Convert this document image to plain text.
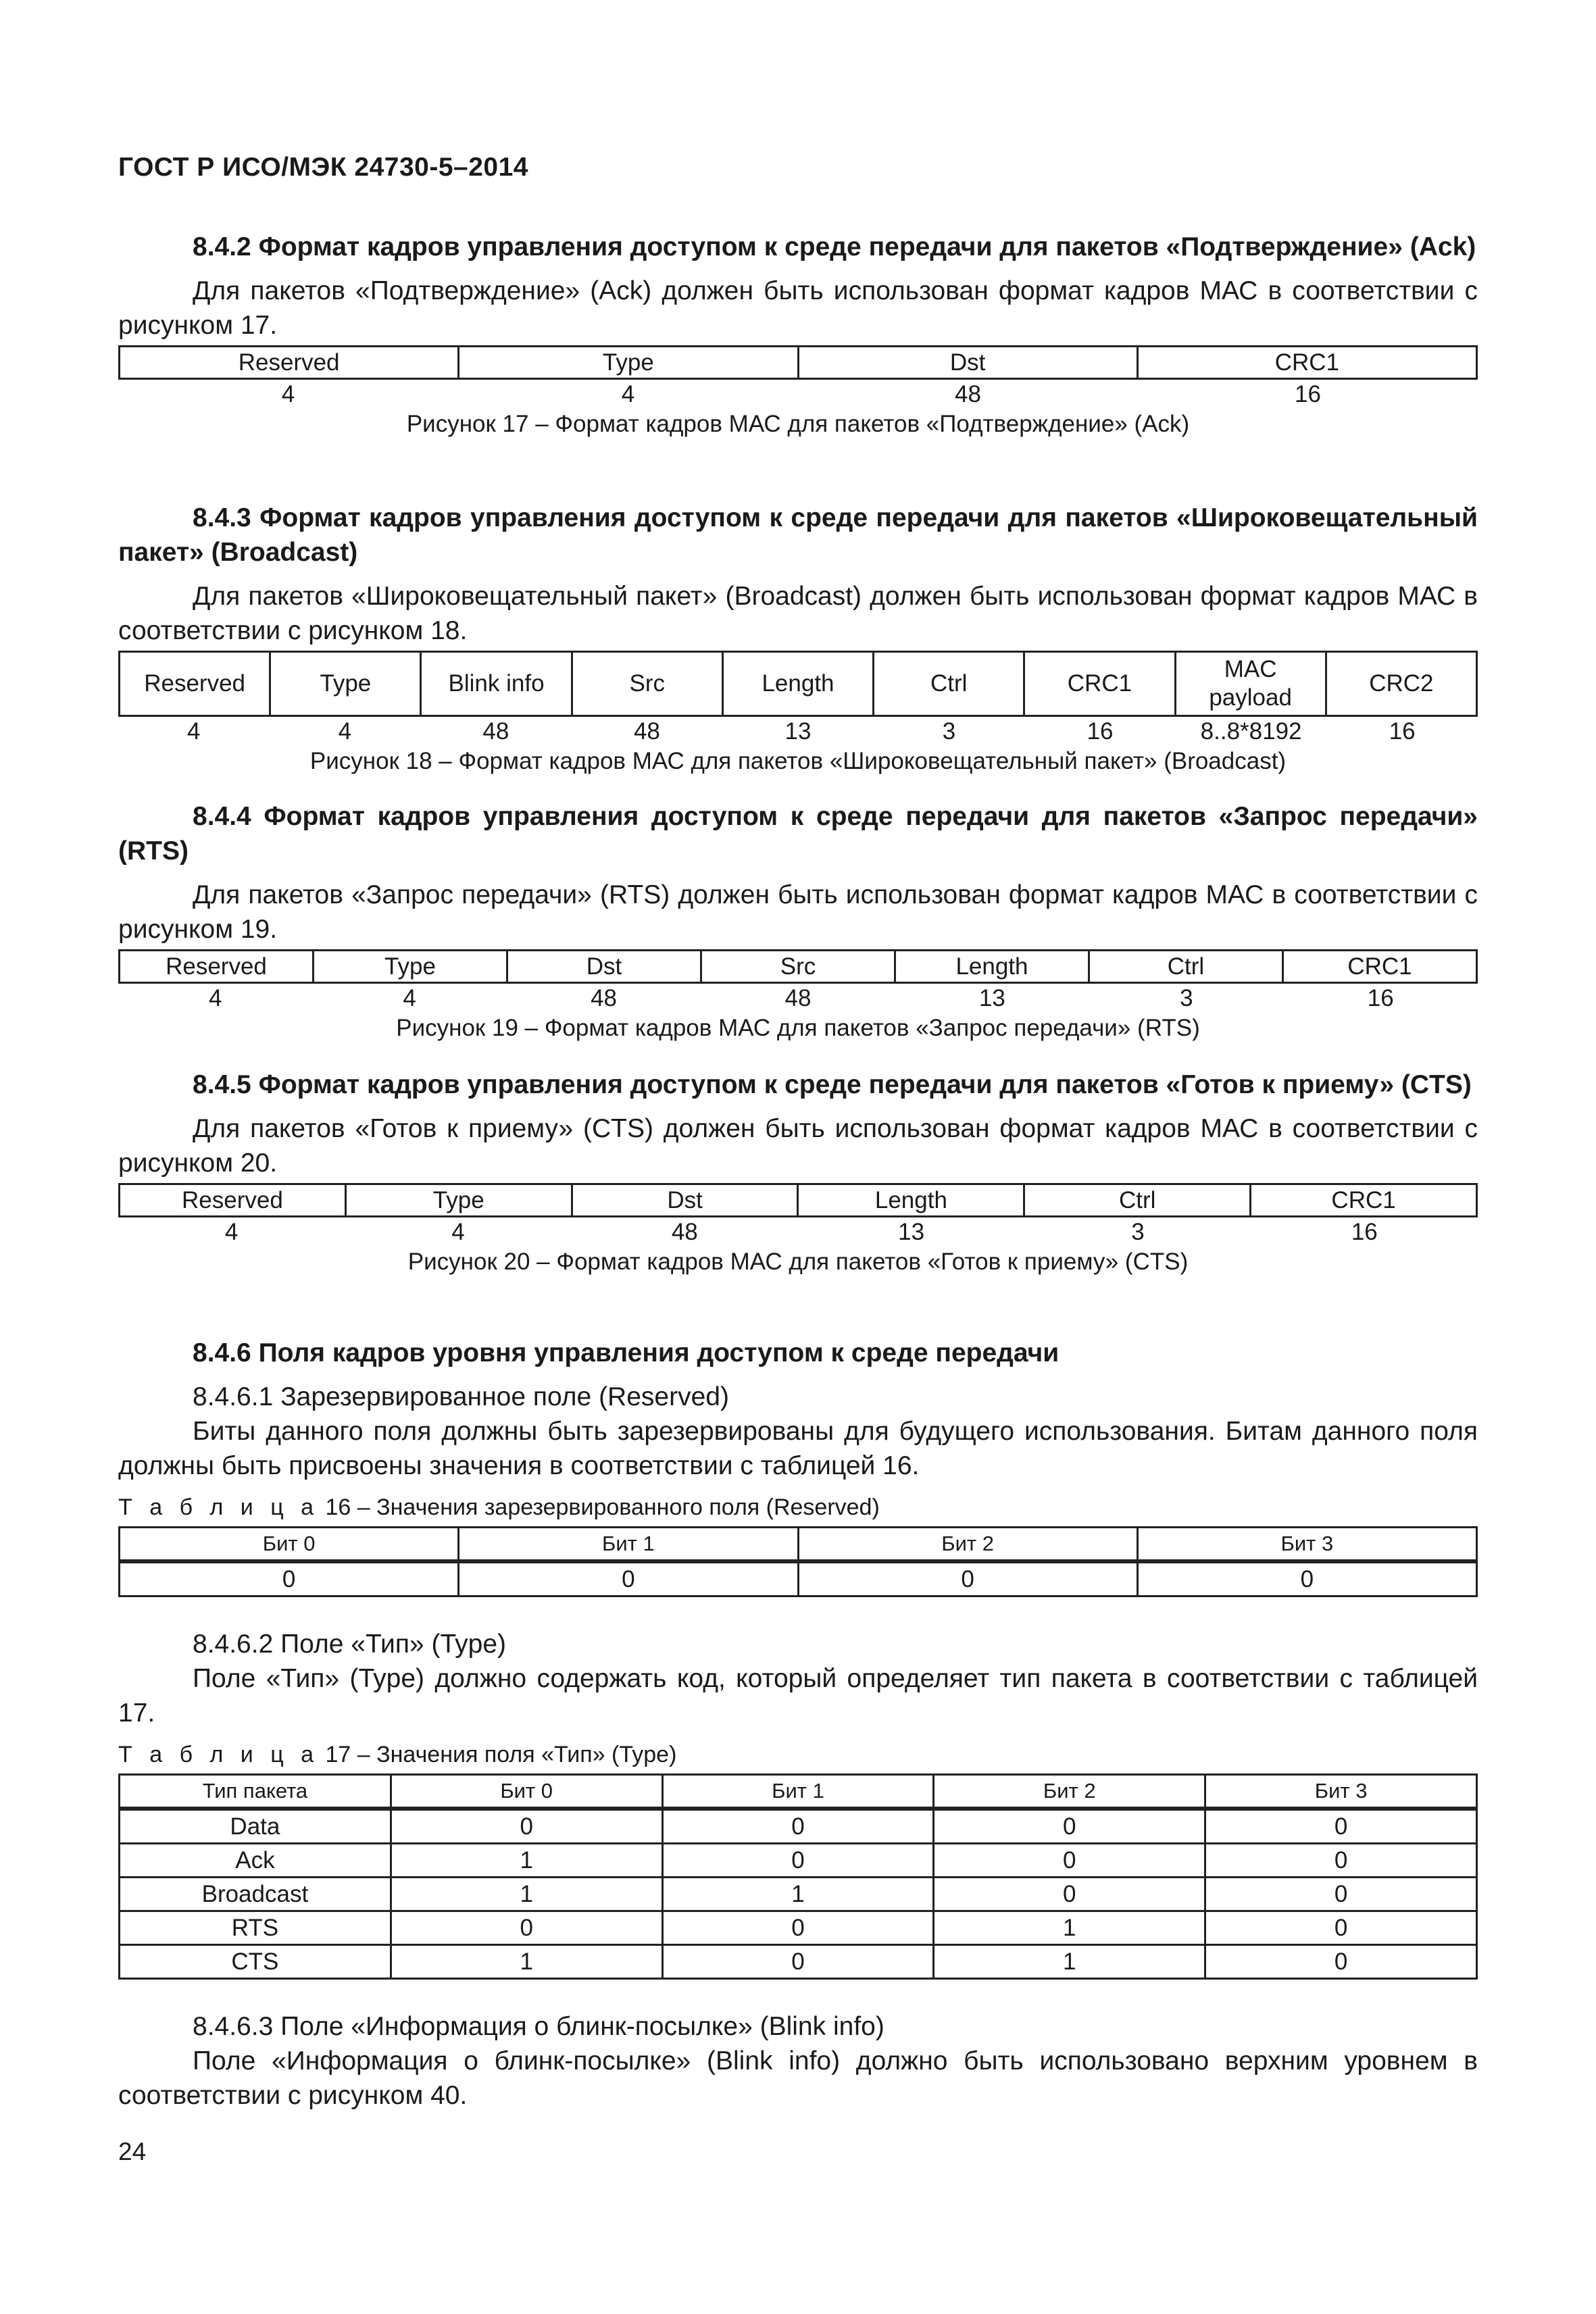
ГОСТ Р ИСО/МЭК 24730-5–2014
8.4.2 Формат кадров управления доступом к среде передачи для пакетов «Подтверждение» (Ack)
Для пакетов «Подтверждение» (Ack) должен быть использован формат кадров МАС в соответствии с рисунком 17.
Reserved	Type	Dst	CRC1
4	4	48	16
Рисунок 17 – Формат кадров МАС для пакетов «Подтверждение» (Ack)
8.4.3 Формат кадров управления доступом к среде передачи для пакетов «Широковещательный пакет» (Broadcast)
Для пакетов «Широковещательный пакет» (Broadcast) должен быть использован формат кадров МАС в соответствии с рисунком 18.
Reserved	Type	Blink info	Src	Length	Ctrl	CRC1	MAC payload	CRC2
4	4	48	48	13	3	16	8..8*8192	16
Рисунок 18 – Формат кадров МАС для пакетов «Широковещательный пакет» (Broadcast)
8.4.4 Формат кадров управления доступом к среде передачи для пакетов «Запрос передачи» (RTS)
Для пакетов «Запрос передачи» (RTS) должен быть использован формат кадров МАС в соответствии с рисунком 19.
Reserved	Type	Dst	Src	Length	Ctrl	CRC1
4	4	48	48	13	3	16
Рисунок 19 – Формат кадров МАС для пакетов «Запрос передачи» (RTS)
8.4.5 Формат кадров управления доступом к среде передачи для пакетов «Готов к приему» (CTS)
Для пакетов «Готов к приему» (CTS) должен быть использован формат кадров МАС в соответствии с рисунком 20.
Reserved	Type	Dst	Length	Ctrl	CRC1
4	4	48	13	3	16
Рисунок 20 – Формат кадров МАС для пакетов «Готов к приему» (CTS)
8.4.6 Поля кадров уровня управления доступом к среде передачи
8.4.6.1 Зарезервированное поле (Reserved)
Биты данного поля должны быть зарезервированы для будущего использования. Битам данного поля должны быть присвоены значения в соответствии с таблицей 16.
Т а б л и ц а 16 – Значения зарезервированного поля (Reserved)
Бит 0	Бит 1	Бит 2	Бит 3
0	0	0	0
8.4.6.2 Поле «Тип» (Type)
Поле «Тип» (Type) должно содержать код, который определяет тип пакета в соответствии с таблицей 17.
Т а б л и ц а 17 – Значения поля «Тип» (Type)
Тип пакета	Бит 0	Бит 1	Бит 2	Бит 3
Data	0	0	0	0
Ack	1	0	0	0
Broadcast	1	1	0	0
RTS	0	0	1	0
CTS	1	0	1	0
8.4.6.3 Поле «Информация о блинк-посылке» (Blink info)
Поле «Информация о блинк-посылке» (Blink info) должно быть использовано верхним уровнем в соответствии с рисунком 40.
24
